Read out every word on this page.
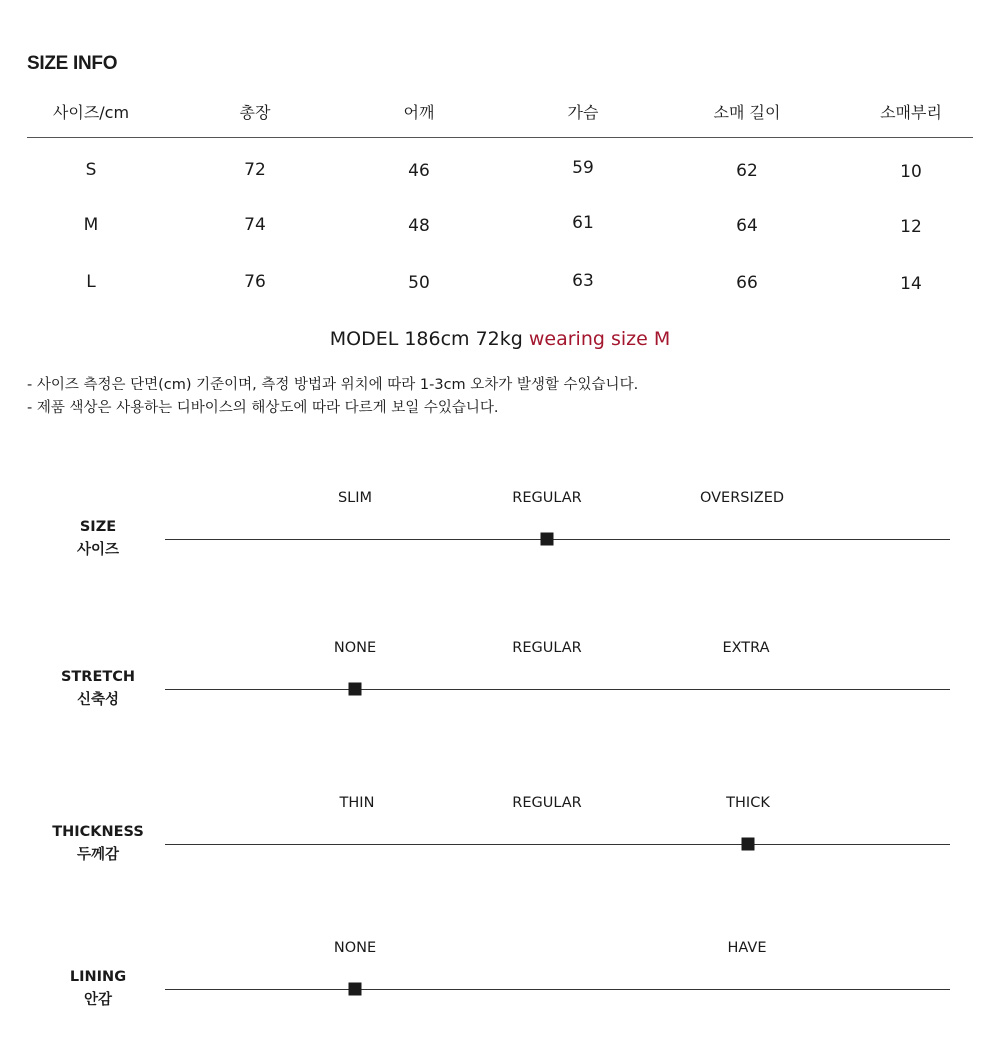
SIZE INFO
사이즈/cm	총장	어깨	가슴	소매 길이	소매부리
S	72	46	59	62	10
M	74	48	61	64	12
L	76	50	63	66	14
MODEL 186cm 72kg wearing size M
- 사이즈 측정은 단면(cm) 기준이며, 측정 방법과 위치에 따라 1-3cm 오차가 발생할 수있습니다.
- 제품 색상은 사용하는 디바이스의 해상도에 따라 다르게 보일 수있습니다.
SLIM	REGULAR	OVERSIZED
SIZE
사이즈
NONE	REGULAR	EXTRA
STRETCH
신축성
THIN	REGULAR	THICK
THICKNESS
두께감
NONE	HAVE
LINING
안감
